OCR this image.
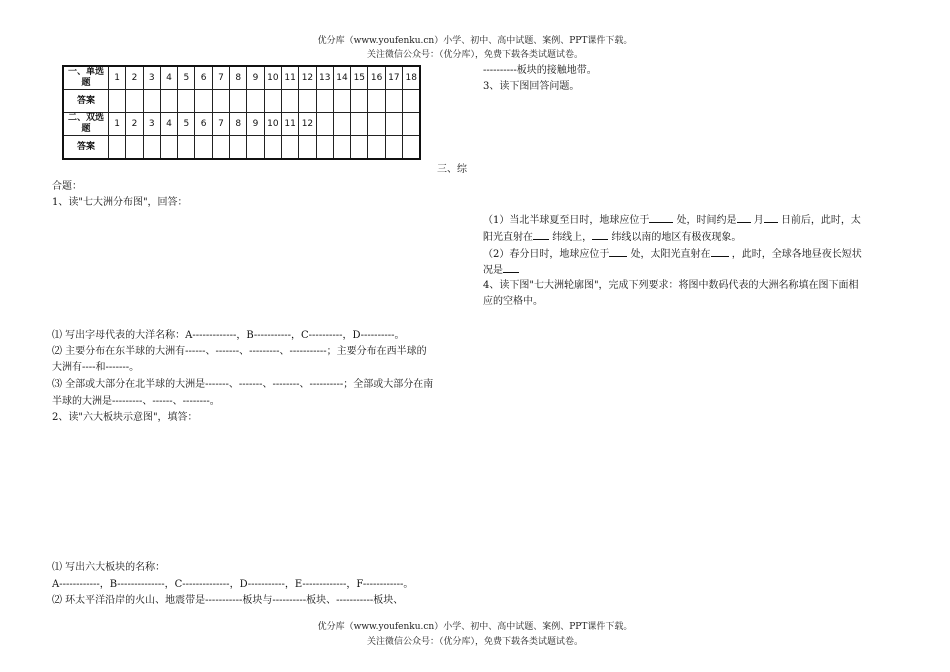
优分库（www.youfenku.cn）小学、初中、高中试题、案例、PPT课件下载。
关注微信公众号：（优分库），免费下载各类试题试卷。
一、单选题	1	2	3	4	5	6	7	8	9	10	11	12	13	14	15	16	17	18
答案																		
二、双选题	1	2	3	4	5	6	7	8	9	10	11	12						
答案																		
三、综
合题：
1、读"七大洲分布图"，回答：
⑴ 写出字母代表的大洋名称：A-------------，B-----------，C----------，D----------。
⑵ 主要分布在东半球的大洲有------、-------、---------、-----------；主要分布在西半球的
大洲有----和-------。
⑶ 全部或大部分在北半球的大洲是-------、-------、--------、----------；全部或大部分在南
半球的大洲是---------、------、--------。
2、读"六大板块示意图"，填答：
⑴ 写出六大板块的名称：
A------------，B--------------，C--------------，D-----------，E-------------，F------------。
⑵ 环太平洋沿岸的火山、地震带是-----------板块与----------板块、-----------板块、
----------板块的接触地带。
3、读下图回答问题。
（1）当北半球夏至日时，地球应位于	处，时间约是 月 日前后，此时，太
阳光直射在 纬线上， 纬线以南的地区有极夜现象。
（2）春分日时，地球应位于 处，太阳光直射在 ，此时，全球各地昼夜长短状
况是
4、读下图"七大洲轮廓图"，完成下列要求：将图中数码代表的大洲名称填在图下面相
应的空格中。
优分库（www.youfenku.cn）小学、初中、高中试题、案例、PPT课件下载。
关注微信公众号：（优分库），免费下载各类试题试卷。
